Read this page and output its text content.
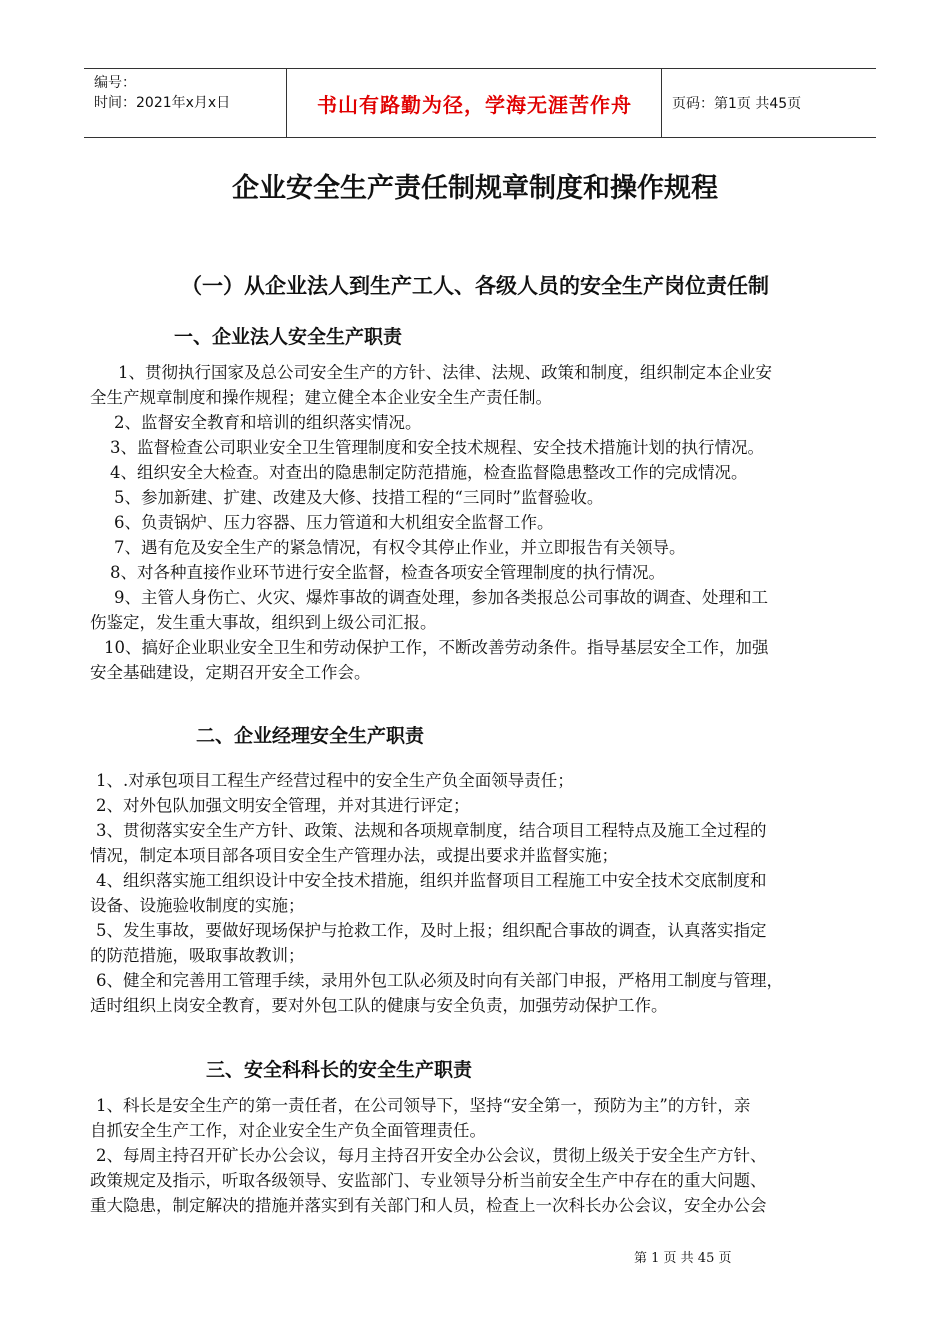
编号：
时间：2021年x月x日	书山有路勤为径，学海无涯苦作舟	页码：第1页 共45页
企业安全生产责任制规章制度和操作规程
（一）从企业法人到生产工人、各级人员的安全生产岗位责任制
一、企业法人安全生产职责
1、贯彻执行国家及总公司安全生产的方针、法律、法规、政策和制度，组织制定本企业安
全生产规章制度和操作规程；建立健全本企业安全生产责任制。
2、监督安全教育和培训的组织落实情况。
3、监督检查公司职业安全卫生管理制度和安全技术规程、安全技术措施计划的执行情况。
4、组织安全大检查。对查出的隐患制定防范措施，检查监督隐患整改工作的完成情况。
5、参加新建、扩建、改建及大修、技措工程的“三同时”监督验收。
6、负责锅炉、压力容器、压力管道和大机组安全监督工作。
7、遇有危及安全生产的紧急情况，有权令其停止作业，并立即报告有关领导。
8、对各种直接作业环节进行安全监督，检查各项安全管理制度的执行情况。
9、主管人身伤亡、火灾、爆炸事故的调查处理，参加各类报总公司事故的调查、处理和工
伤鉴定，发生重大事故，组织到上级公司汇报。
10、搞好企业职业安全卫生和劳动保护工作，不断改善劳动条件。指导基层安全工作，加强
安全基础建设，定期召开安全工作会。
二、企业经理安全生产职责
1、.对承包项目工程生产经营过程中的安全生产负全面领导责任；
2、对外包队加强文明安全管理，并对其进行评定；
3、贯彻落实安全生产方针、政策、法规和各项规章制度，结合项目工程特点及施工全过程的
情况，制定本项目部各项目安全生产管理办法，或提出要求并监督实施；
4、组织落实施工组织设计中安全技术措施，组织并监督项目工程施工中安全技术交底制度和
设备、设施验收制度的实施；
5、发生事故，要做好现场保护与抢救工作，及时上报；组织配合事故的调查，认真落实指定
的防范措施，吸取事故教训；
6、健全和完善用工管理手续，录用外包工队必须及时向有关部门申报，严格用工制度与管理，
适时组织上岗安全教育，要对外包工队的健康与安全负责，加强劳动保护工作。
三、安全科科长的安全生产职责
1、科长是安全生产的第一责任者，在公司领导下，坚持“安全第一，预防为主”的方针，亲
自抓安全生产工作，对企业安全生产负全面管理责任。
2、每周主持召开矿长办公会议，每月主持召开安全办公会议，贯彻上级关于安全生产方针、
政策规定及指示，听取各级领导、安监部门、专业领导分析当前安全生产中存在的重大问题、
重大隐患，制定解决的措施并落实到有关部门和人员，检查上一次科长办公会议，安全办公会
第 1 页 共 45 页
